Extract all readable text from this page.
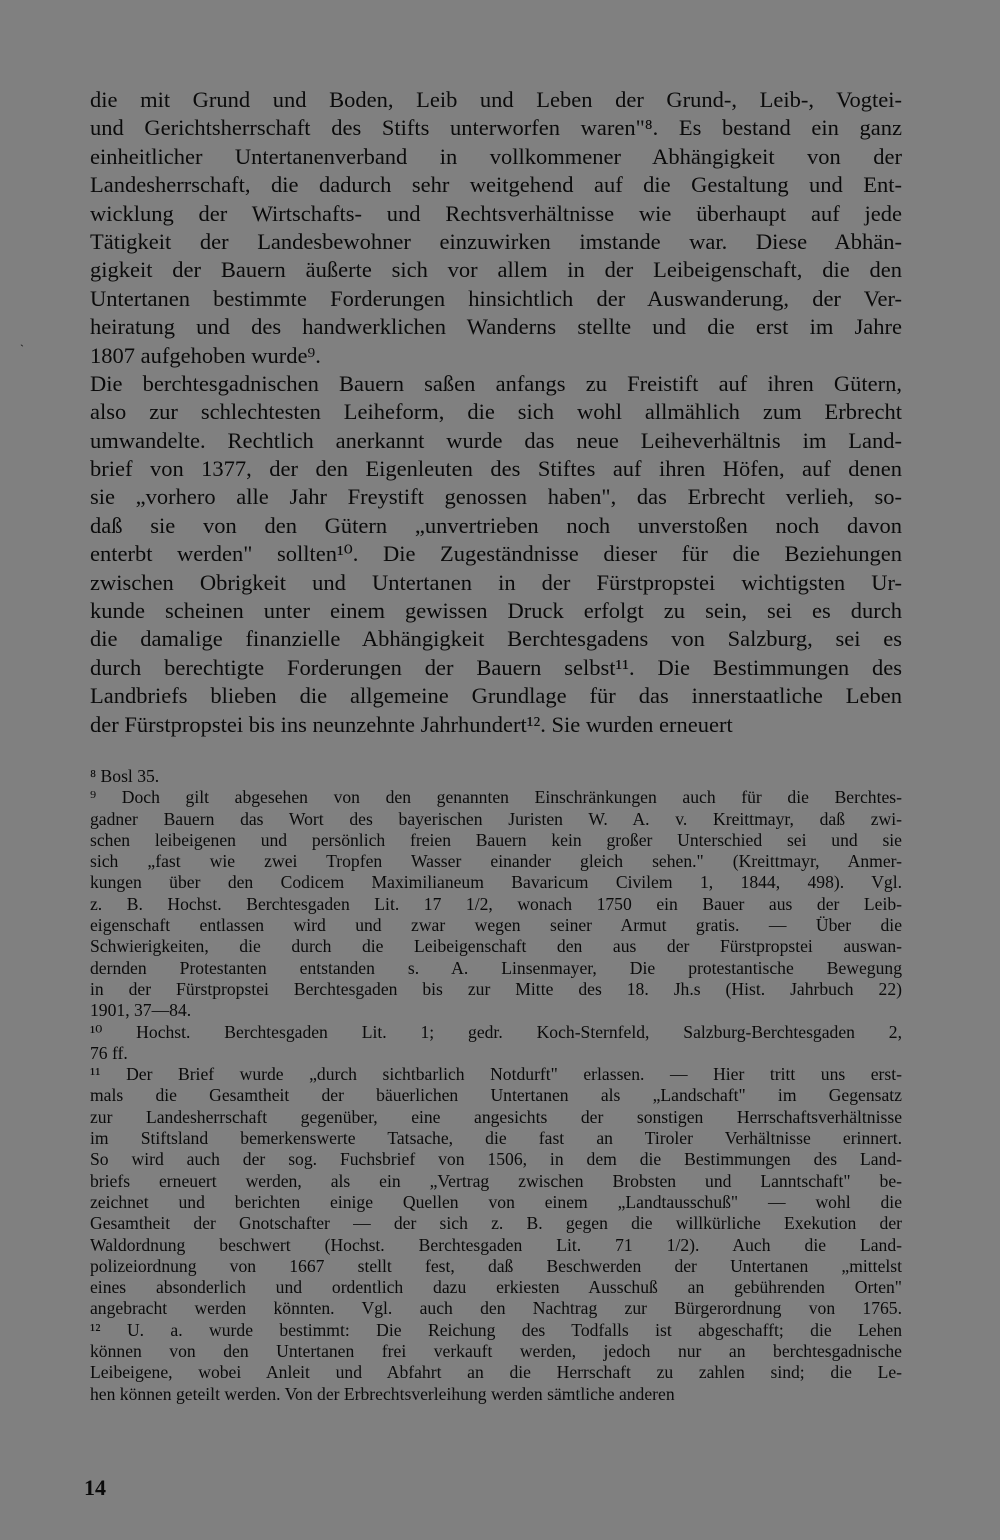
`
die mit Grund und Boden, Leib und Leben der Grund-, Leib-, Vogtei-
und Gerichtsherrschaft des Stifts unterworfen waren"⁸. Es bestand ein ganz
einheitlicher Untertanenverband in vollkommener Abhängigkeit von der
Landesherrschaft, die dadurch sehr weitgehend auf die Gestaltung und Ent-
wicklung der Wirtschafts- und Rechtsverhältnisse wie überhaupt auf jede
Tätigkeit der Landesbewohner einzuwirken imstande war. Diese Abhän-
gigkeit der Bauern äußerte sich vor allem in der Leibeigenschaft, die den
Untertanen bestimmte Forderungen hinsichtlich der Auswanderung, der Ver-
heiratung und des handwerklichen Wanderns stellte und die erst im Jahre
1807 aufgehoben wurde⁹.
Die berchtesgadnischen Bauern saßen anfangs zu Freistift auf ihren Gütern,
also zur schlechtesten Leiheform, die sich wohl allmählich zum Erbrecht
umwandelte. Rechtlich anerkannt wurde das neue Leiheverhältnis im Land-
brief von 1377, der den Eigenleuten des Stiftes auf ihren Höfen, auf denen
sie „vorhero alle Jahr Freystift genossen haben", das Erbrecht verlieh, so-
daß sie von den Gütern „unvertrieben noch unverstoßen noch davon
enterbt werden" sollten¹⁰. Die Zugeständnisse dieser für die Beziehungen
zwischen Obrigkeit und Untertanen in der Fürstpropstei wichtigsten Ur-
kunde scheinen unter einem gewissen Druck erfolgt zu sein, sei es durch
die damalige finanzielle Abhängigkeit Berchtesgadens von Salzburg, sei es
durch berechtigte Forderungen der Bauern selbst¹¹. Die Bestimmungen des
Landbriefs blieben die allgemeine Grundlage für das innerstaatliche Leben
der Fürstpropstei bis ins neunzehnte Jahrhundert¹². Sie wurden erneuert
⁸ Bosl 35.
⁹ Doch gilt abgesehen von den genannten Einschränkungen auch für die Berchtes-
gadner Bauern das Wort des bayerischen Juristen W. A. v. Kreittmayr, daß zwi-
schen leibeigenen und persönlich freien Bauern kein großer Unterschied sei und sie
sich „fast wie zwei Tropfen Wasser einander gleich sehen." (Kreittmayr, Anmer-
kungen über den Codicem Maximilianeum Bavaricum Civilem 1, 1844, 498). Vgl.
z. B. Hochst. Berchtesgaden Lit. 17 1/2, wonach 1750 ein Bauer aus der Leib-
eigenschaft entlassen wird und zwar wegen seiner Armut gratis. — Über die
Schwierigkeiten, die durch die Leibeigenschaft den aus der Fürstpropstei auswan-
dernden Protestanten entstanden s. A. Linsenmayer, Die protestantische Bewegung
in der Fürstpropstei Berchtesgaden bis zur Mitte des 18. Jh.s (Hist. Jahrbuch 22)
1901, 37—84.
¹⁰ Hochst. Berchtesgaden Lit. 1; gedr. Koch-Sternfeld, Salzburg-Berchtesgaden 2,
76 ff.
¹¹ Der Brief wurde „durch sichtbarlich Notdurft" erlassen. — Hier tritt uns erst-
mals die Gesamtheit der bäuerlichen Untertanen als „Landschaft" im Gegensatz
zur Landesherrschaft gegenüber, eine angesichts der sonstigen Herrschaftsverhältnisse
im Stiftsland bemerkenswerte Tatsache, die fast an Tiroler Verhältnisse erinnert.
So wird auch der sog. Fuchsbrief von 1506, in dem die Bestimmungen des Land-
briefs erneuert werden, als ein „Vertrag zwischen Brobsten und Lanntschaft" be-
zeichnet und berichten einige Quellen von einem „Landtausschuß" — wohl die
Gesamtheit der Gnotschafter — der sich z. B. gegen die willkürliche Exekution der
Waldordnung beschwert (Hochst. Berchtesgaden Lit. 71 1/2). Auch die Land-
polizeiordnung von 1667 stellt fest, daß Beschwerden der Untertanen „mittelst
eines absonderlich und ordentlich dazu erkiesten Ausschuß an gebührenden Orten"
angebracht werden könnten. Vgl. auch den Nachtrag zur Bürgerordnung von 1765.
¹² U. a. wurde bestimmt: Die Reichung des Todfalls ist abgeschafft; die Lehen
können von den Untertanen frei verkauft werden, jedoch nur an berchtesgadnische
Leibeigene, wobei Anleit und Abfahrt an die Herrschaft zu zahlen sind; die Le-
hen können geteilt werden. Von der Erbrechtsverleihung werden sämtliche anderen
14
